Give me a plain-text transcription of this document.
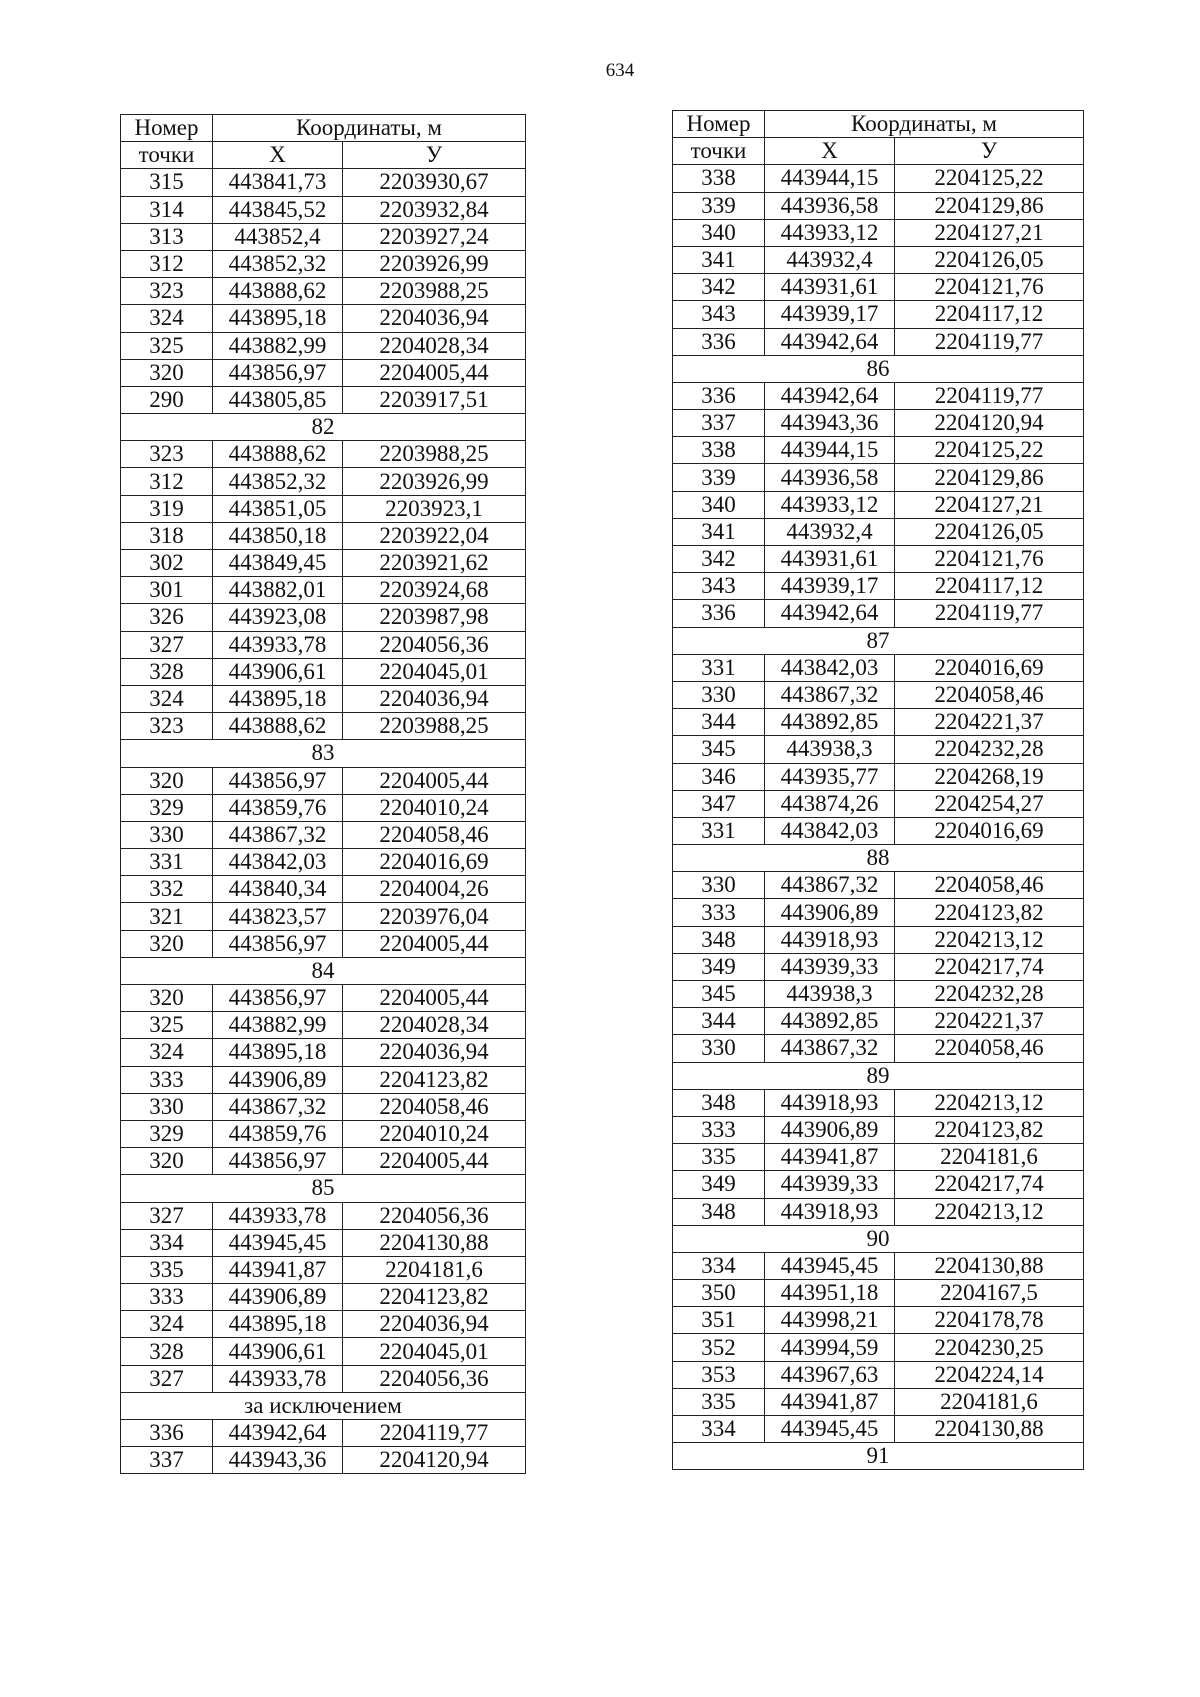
634
Номер	Координаты, м	
точки	X	У
315	443841,73	2203930,67
314	443845,52	2203932,84
313	443852,4	2203927,24
312	443852,32	2203926,99
323	443888,62	2203988,25
324	443895,18	2204036,94
325	443882,99	2204028,34
320	443856,97	2204005,44
290	443805,85	2203917,51
82		
323	443888,62	2203988,25
312	443852,32	2203926,99
319	443851,05	2203923,1
318	443850,18	2203922,04
302	443849,45	2203921,62
301	443882,01	2203924,68
326	443923,08	2203987,98
327	443933,78	2204056,36
328	443906,61	2204045,01
324	443895,18	2204036,94
323	443888,62	2203988,25
83		
320	443856,97	2204005,44
329	443859,76	2204010,24
330	443867,32	2204058,46
331	443842,03	2204016,69
332	443840,34	2204004,26
321	443823,57	2203976,04
320	443856,97	2204005,44
84		
320	443856,97	2204005,44
325	443882,99	2204028,34
324	443895,18	2204036,94
333	443906,89	2204123,82
330	443867,32	2204058,46
329	443859,76	2204010,24
320	443856,97	2204005,44
85		
327	443933,78	2204056,36
334	443945,45	2204130,88
335	443941,87	2204181,6
333	443906,89	2204123,82
324	443895,18	2204036,94
328	443906,61	2204045,01
327	443933,78	2204056,36
за исключением		
336	443942,64	2204119,77
337	443943,36	2204120,94
Номер	Координаты, м	
точки	X	У
338	443944,15	2204125,22
339	443936,58	2204129,86
340	443933,12	2204127,21
341	443932,4	2204126,05
342	443931,61	2204121,76
343	443939,17	2204117,12
336	443942,64	2204119,77
86		
336	443942,64	2204119,77
337	443943,36	2204120,94
338	443944,15	2204125,22
339	443936,58	2204129,86
340	443933,12	2204127,21
341	443932,4	2204126,05
342	443931,61	2204121,76
343	443939,17	2204117,12
336	443942,64	2204119,77
87		
331	443842,03	2204016,69
330	443867,32	2204058,46
344	443892,85	2204221,37
345	443938,3	2204232,28
346	443935,77	2204268,19
347	443874,26	2204254,27
331	443842,03	2204016,69
88		
330	443867,32	2204058,46
333	443906,89	2204123,82
348	443918,93	2204213,12
349	443939,33	2204217,74
345	443938,3	2204232,28
344	443892,85	2204221,37
330	443867,32	2204058,46
89		
348	443918,93	2204213,12
333	443906,89	2204123,82
335	443941,87	2204181,6
349	443939,33	2204217,74
348	443918,93	2204213,12
90		
334	443945,45	2204130,88
350	443951,18	2204167,5
351	443998,21	2204178,78
352	443994,59	2204230,25
353	443967,63	2204224,14
335	443941,87	2204181,6
334	443945,45	2204130,88
91		
